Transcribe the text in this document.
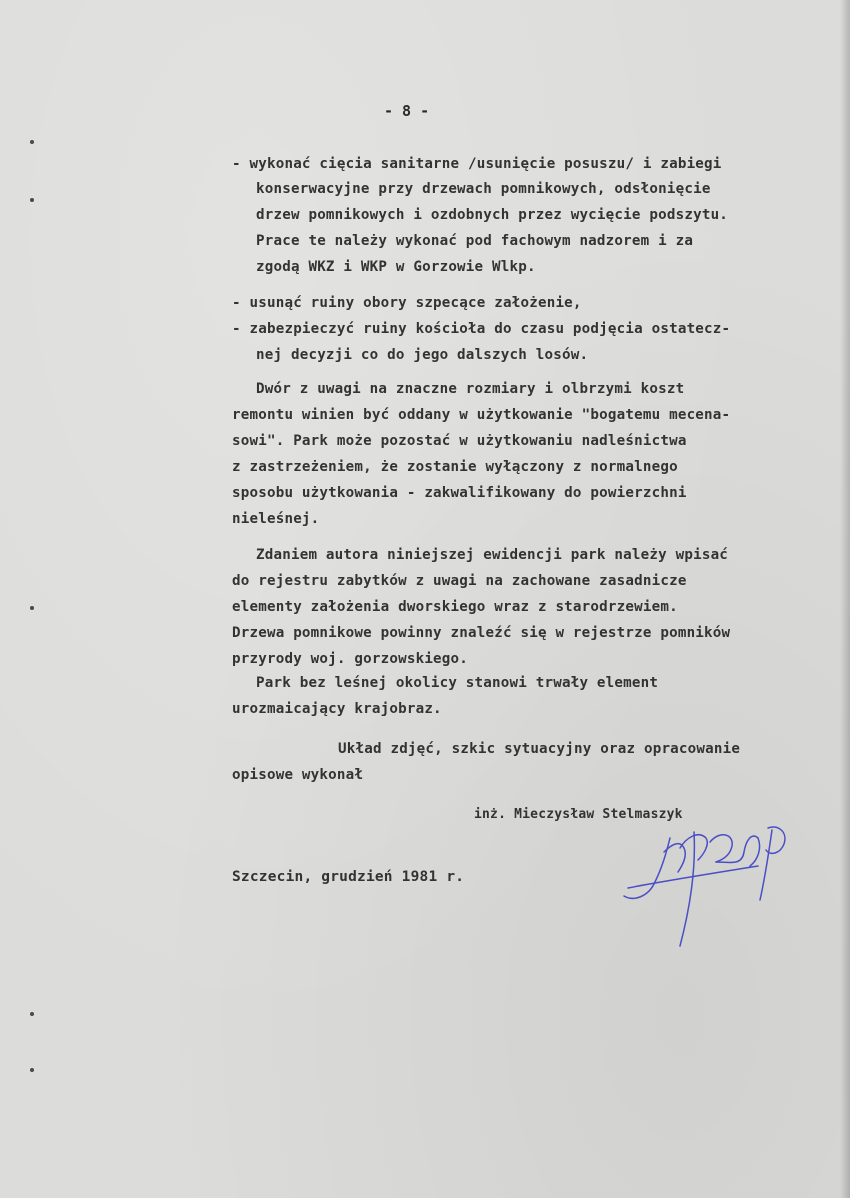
- 8 -
- wykonać cięcia sanitarne /usunięcie posuszu/ i zabiegi
konserwacyjne przy drzewach pomnikowych, odsłonięcie
drzew pomnikowych i ozdobnych przez wycięcie podszytu.
Prace te należy wykonać pod fachowym nadzorem i za
zgodą WKZ i WKP w Gorzowie Wlkp.
- usunąć ruiny obory szpecące założenie,
- zabezpieczyć ruiny kościoła do czasu podjęcia ostatecz-
nej decyzji co do jego dalszych losów.
Dwór z uwagi na znaczne rozmiary i olbrzymi koszt
remontu winien być oddany w użytkowanie "bogatemu mecena-
sowi". Park może pozostać w użytkowaniu nadleśnictwa
z zastrzeżeniem, że zostanie wyłączony z normalnego
sposobu użytkowania - zakwalifikowany do powierzchni
nieleśnej.
Zdaniem autora niniejszej ewidencji park należy wpisać
do rejestru zabytków z uwagi na zachowane zasadnicze
elementy założenia dworskiego wraz z starodrzewiem.
Drzewa pomnikowe powinny znaleźć się w rejestrze pomników
przyrody woj. gorzowskiego.
Park bez leśnej okolicy stanowi trwały element
urozmaicający krajobraz.
Układ zdjęć, szkic sytuacyjny oraz opracowanie
opisowe wykonał
inż. Mieczysław Stelmaszyk
Szczecin, grudzień 1981 r.
